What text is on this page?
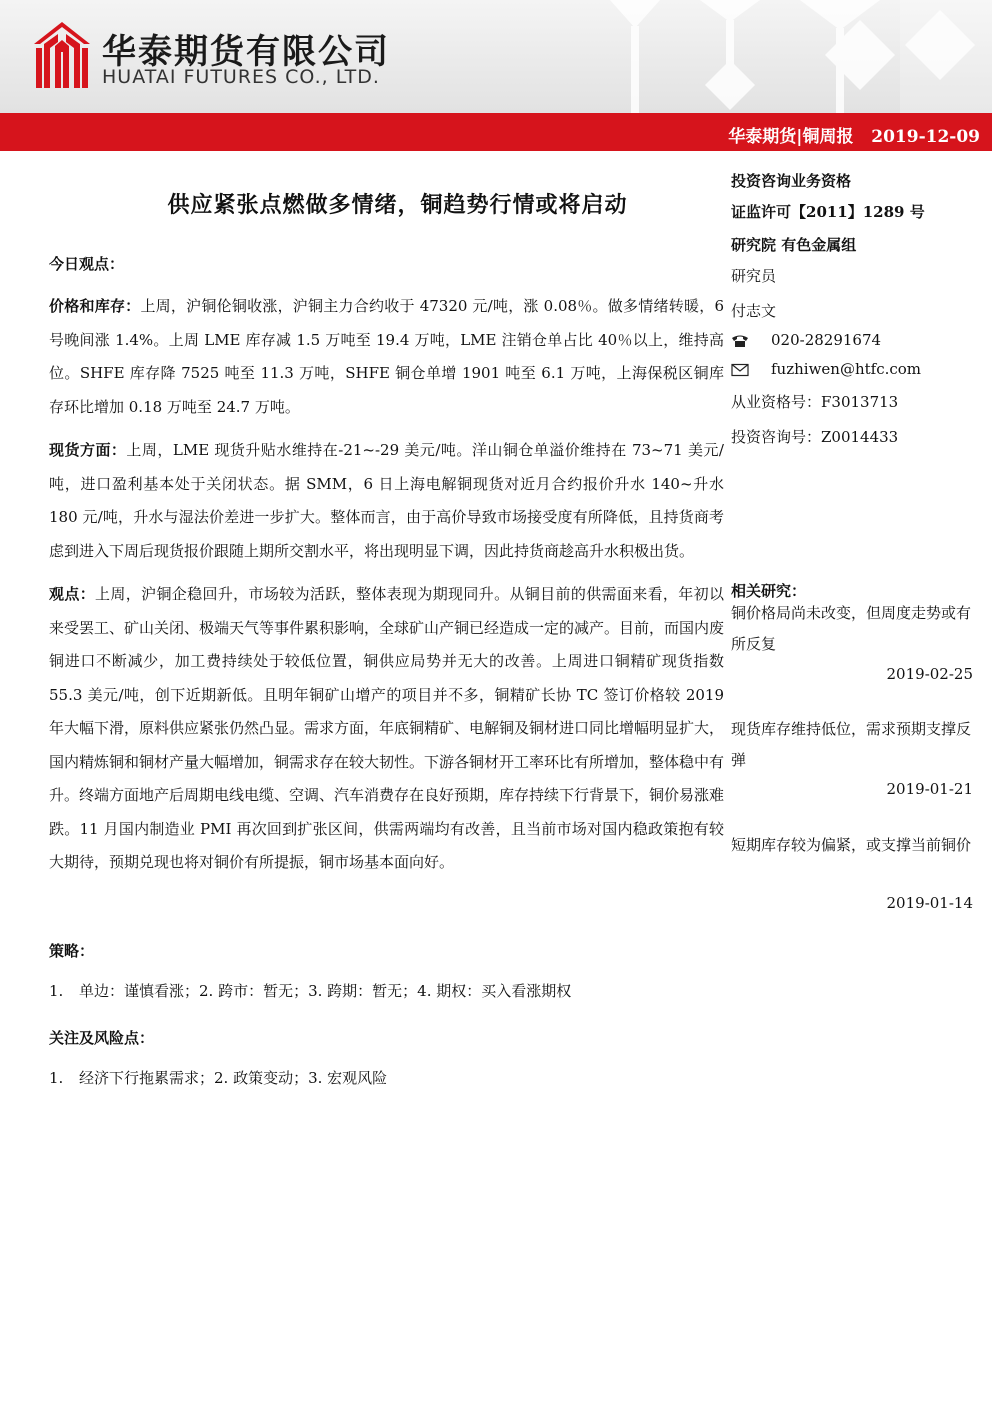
华泰期货有限公司
HUATAI FUTURES CO., LTD.
华泰期货|铜周报 2019-12-09
供应紧张点燃做多情绪，铜趋势行情或将启动
今日观点：

价格和库存：上周，沪铜伦铜收涨，沪铜主力合约收于 47320 元/吨，涨 0.08％。做多情绪转暖，6 号晚间涨 1.4%。上周 LME 库存减 1.5 万吨至 19.4 万吨，LME 注销仓单占比 40％以上，维持高位。SHFE 库存降 7525 吨至 11.3 万吨，SHFE 铜仓单增 1901 吨至 6.1 万吨，上海保税区铜库存环比增加 0.18 万吨至 24.7 万吨。

现货方面：上周，LME 现货升贴水维持在-21~-29 美元/吨。洋山铜仓单溢价维持在 73~71 美元/吨，进口盈利基本处于关闭状态。据 SMM，6 日上海电解铜现货对近月合约报价升水 140~升水 180 元/吨，升水与湿法价差进一步扩大。整体而言，由于高价导致市场接受度有所降低，且持货商考虑到进入下周后现货报价跟随上期所交割水平，将出现明显下调，因此持货商趁高升水积极出货。

观点：上周，沪铜企稳回升，市场较为活跃，整体表现为期现同升。从铜目前的供需面来看，年初以来受罢工、矿山关闭、极端天气等事件累积影响，全球矿山产铜已经造成一定的减产。目前，而国内废铜进口不断减少，加工费持续处于较低位置，铜供应局势并无大的改善。上周进口铜精矿现货指数 55.3 美元/吨，创下近期新低。且明年铜矿山增产的项目并不多，铜精矿长协 TC 签订价格较 2019 年大幅下滑，原料供应紧张仍然凸显。需求方面，年底铜精矿、电解铜及铜材进口同比增幅明显扩大，国内精炼铜和铜材产量大幅增加，铜需求存在较大韧性。下游各铜材开工率环比有所增加，整体稳中有升。终端方面地产后周期电线电缆、空调、汽车消费存在良好预期，库存持续下行背景下，铜价易涨难跌。11 月国内制造业 PMI 再次回到扩张区间，供需两端均有改善，且当前市场对国内稳政策抱有较大期待，预期兑现也将对铜价有所提振，铜市场基本面向好。

策略：
1. 单边：谨慎看涨；2. 跨市：暂无；3. 跨期：暂无；4. 期权：买入看涨期权
关注及风险点：
1. 经济下行拖累需求；2. 政策变动；3. 宏观风险
投资咨询业务资格
证监许可【2011】1289 号
研究院 有色金属组
研究员
付志文
020-28291674
fuzhiwen@htfc.com
从业资格号：F3013713
投资咨询号：Z0014433
相关研究：
铜价格局尚未改变，但周度走势或有所反复
2019-02-25
现货库存维持低位，需求预期支撑反弹
2019-01-21
短期库存较为偏紧，或支撑当前铜价
2019-01-14
